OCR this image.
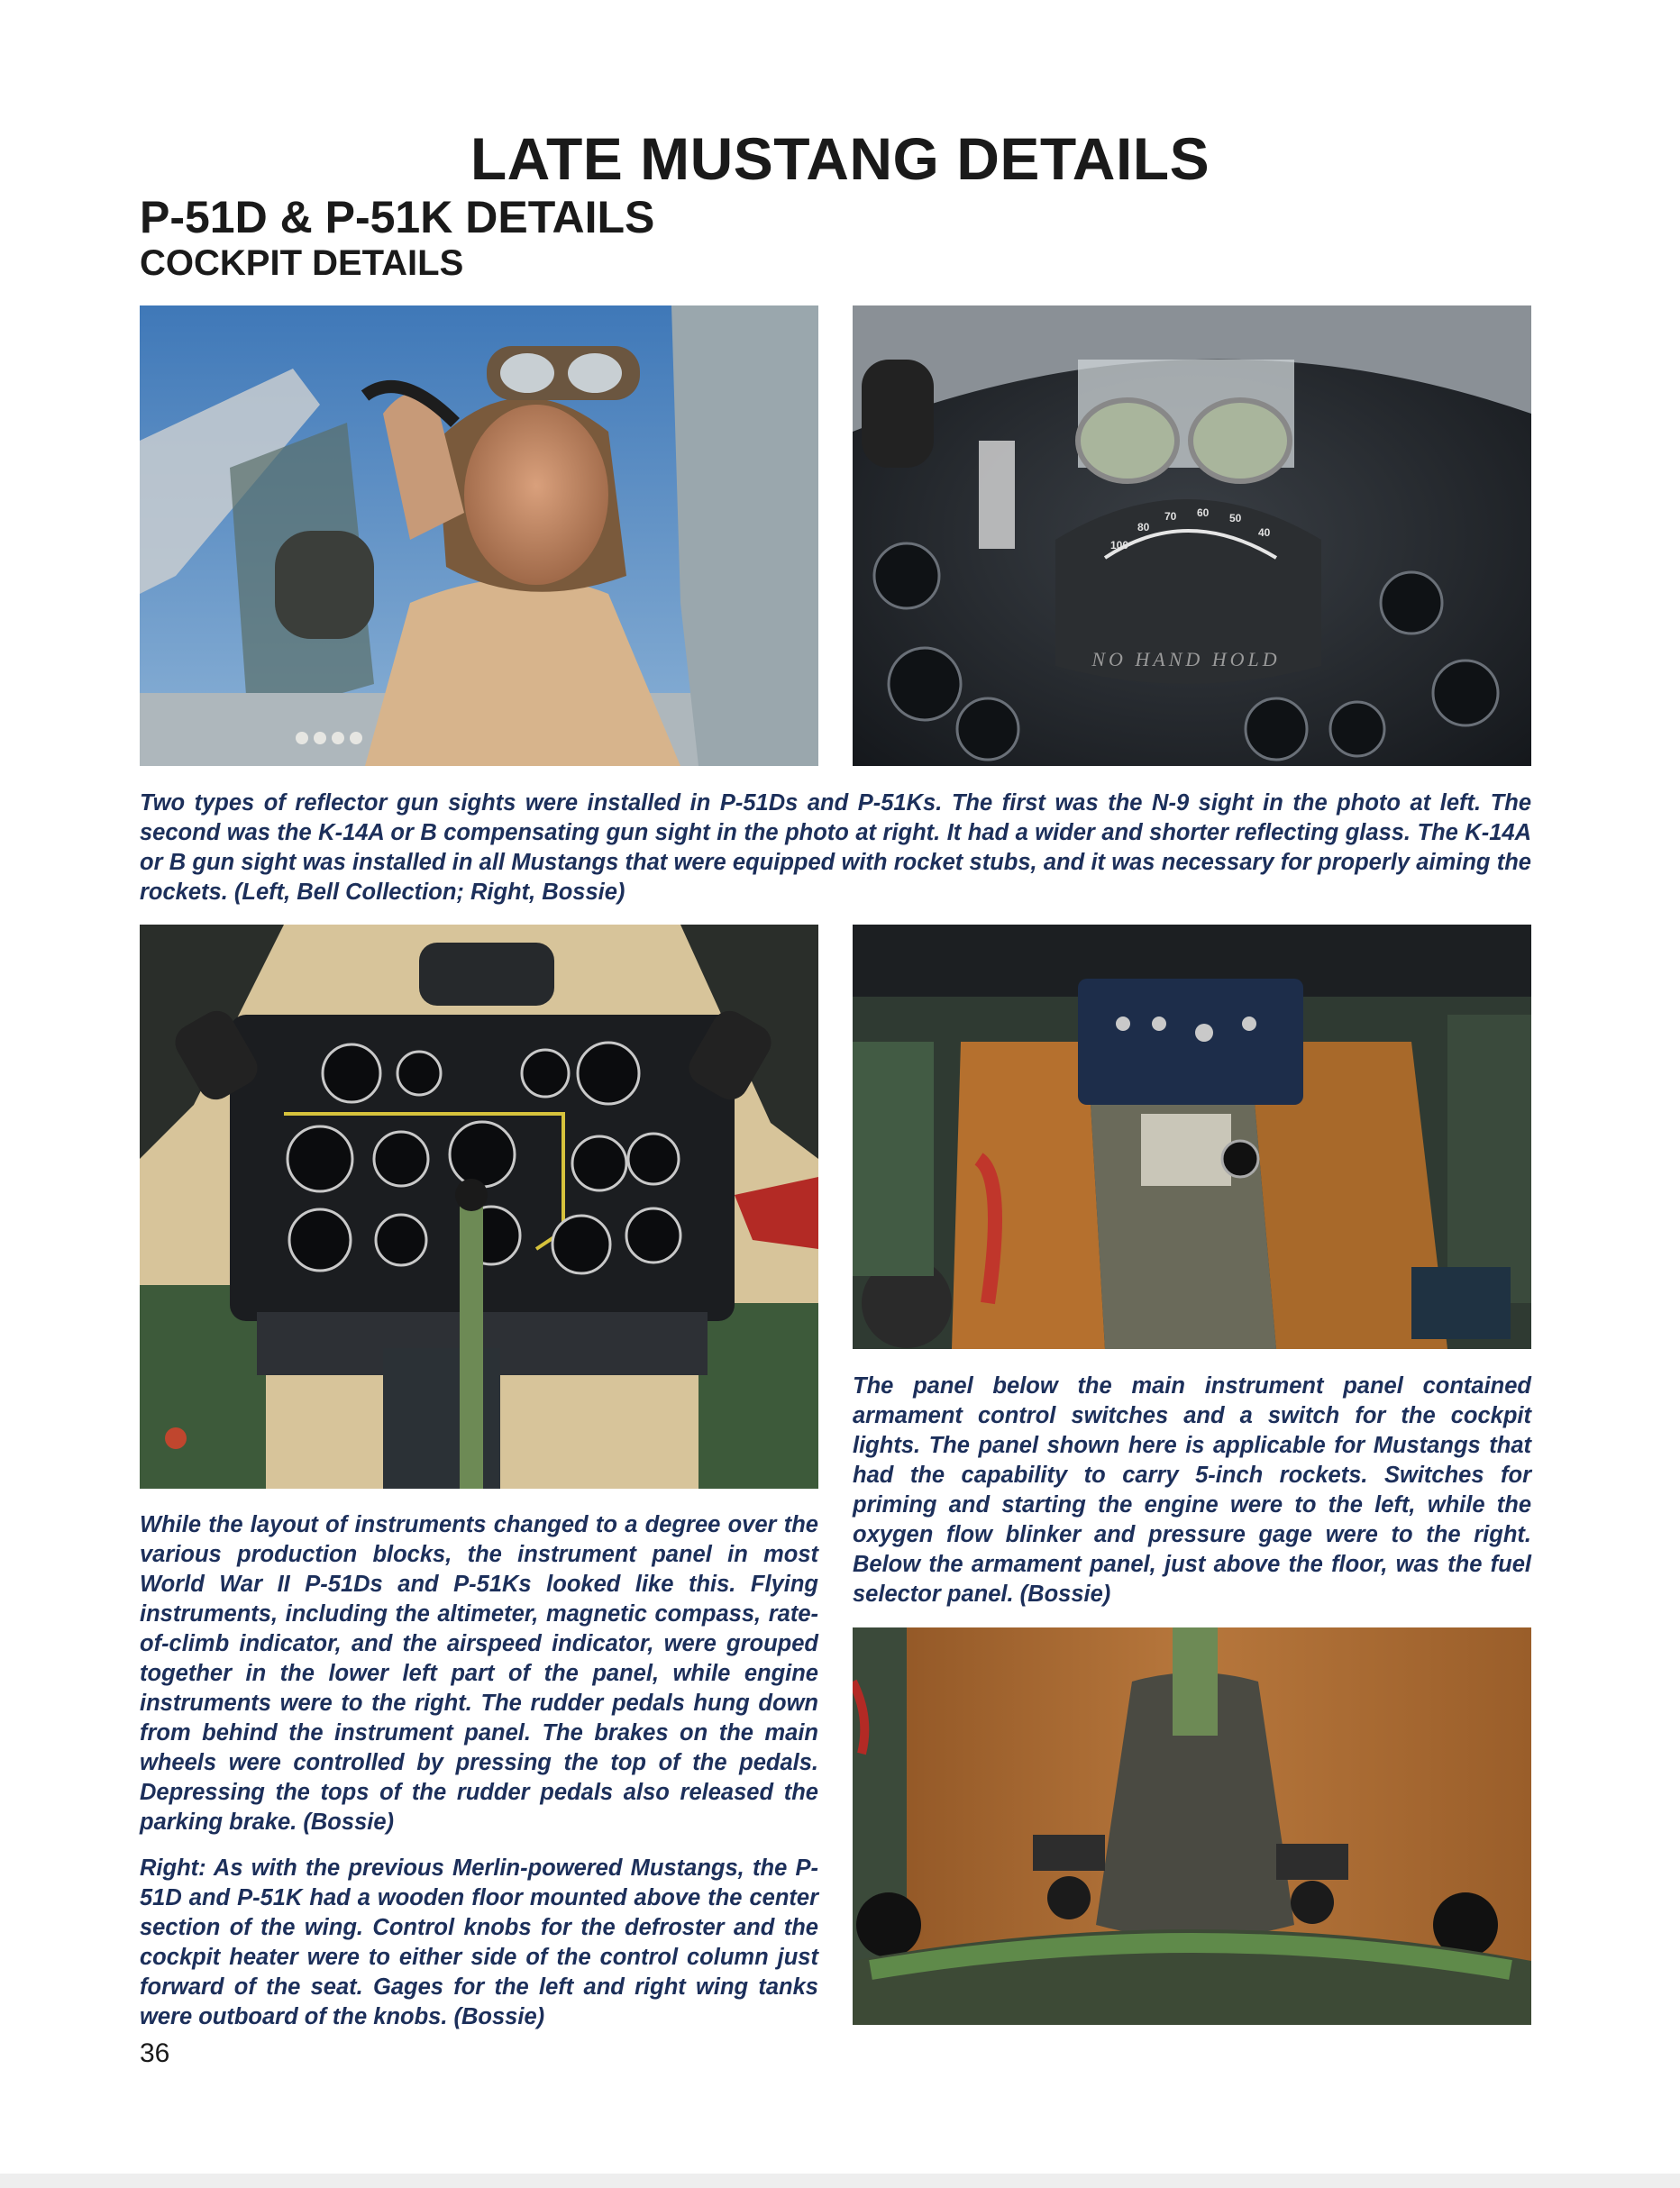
LATE MUSTANG DETAILS
P-51D & P-51K DETAILS
COCKPIT DETAILS
100
80
70 60 50
40
NO HAND HOLD

Two types of reflector gun sights were installed in P-51Ds and P-51Ks. The first was the N-9 sight in the photo at left. The second was the K-14A or B compensating gun sight in the photo at right. It had a wider and shorter reflecting glass. The K-14A or B gun sight was installed in all Mustangs that were equipped with rocket stubs, and it was necessary for properly aiming the rockets. (Left, Bell Collection; Right, Bossie)

The panel below the main instrument panel contained armament control switches and a switch for the cockpit lights. The panel shown here is applicable for Mustangs that had the capability to carry 5-inch rockets. Switches for priming and starting the engine were to the left, while the oxygen flow blinker and pressure gage were to the right. Below the armament panel, just above the floor, was the fuel selector panel. (Bossie)

While the layout of instruments changed to a degree over the various production blocks, the instrument panel in most World War II P-51Ds and P-51Ks looked like this. Flying instruments, including the altimeter, magnetic compass, rate-of-climb indicator, and the airspeed indicator, were grouped together in the lower left part of the panel, while engine instruments were to the right. The rudder pedals hung down from behind the instrument panel. The brakes on the main wheels were controlled by pressing the top of the pedals. Depressing the tops of the rudder pedals also released the parking brake. (Bossie)

Right: As with the previous Merlin-powered Mustangs, the P-51D and P-51K had a wooden floor mounted above the center section of the wing. Control knobs for the defroster and the cockpit heater were to either side of the control column just forward of the seat. Gages for the left and right wing tanks were outboard of the knobs. (Bossie)

36
